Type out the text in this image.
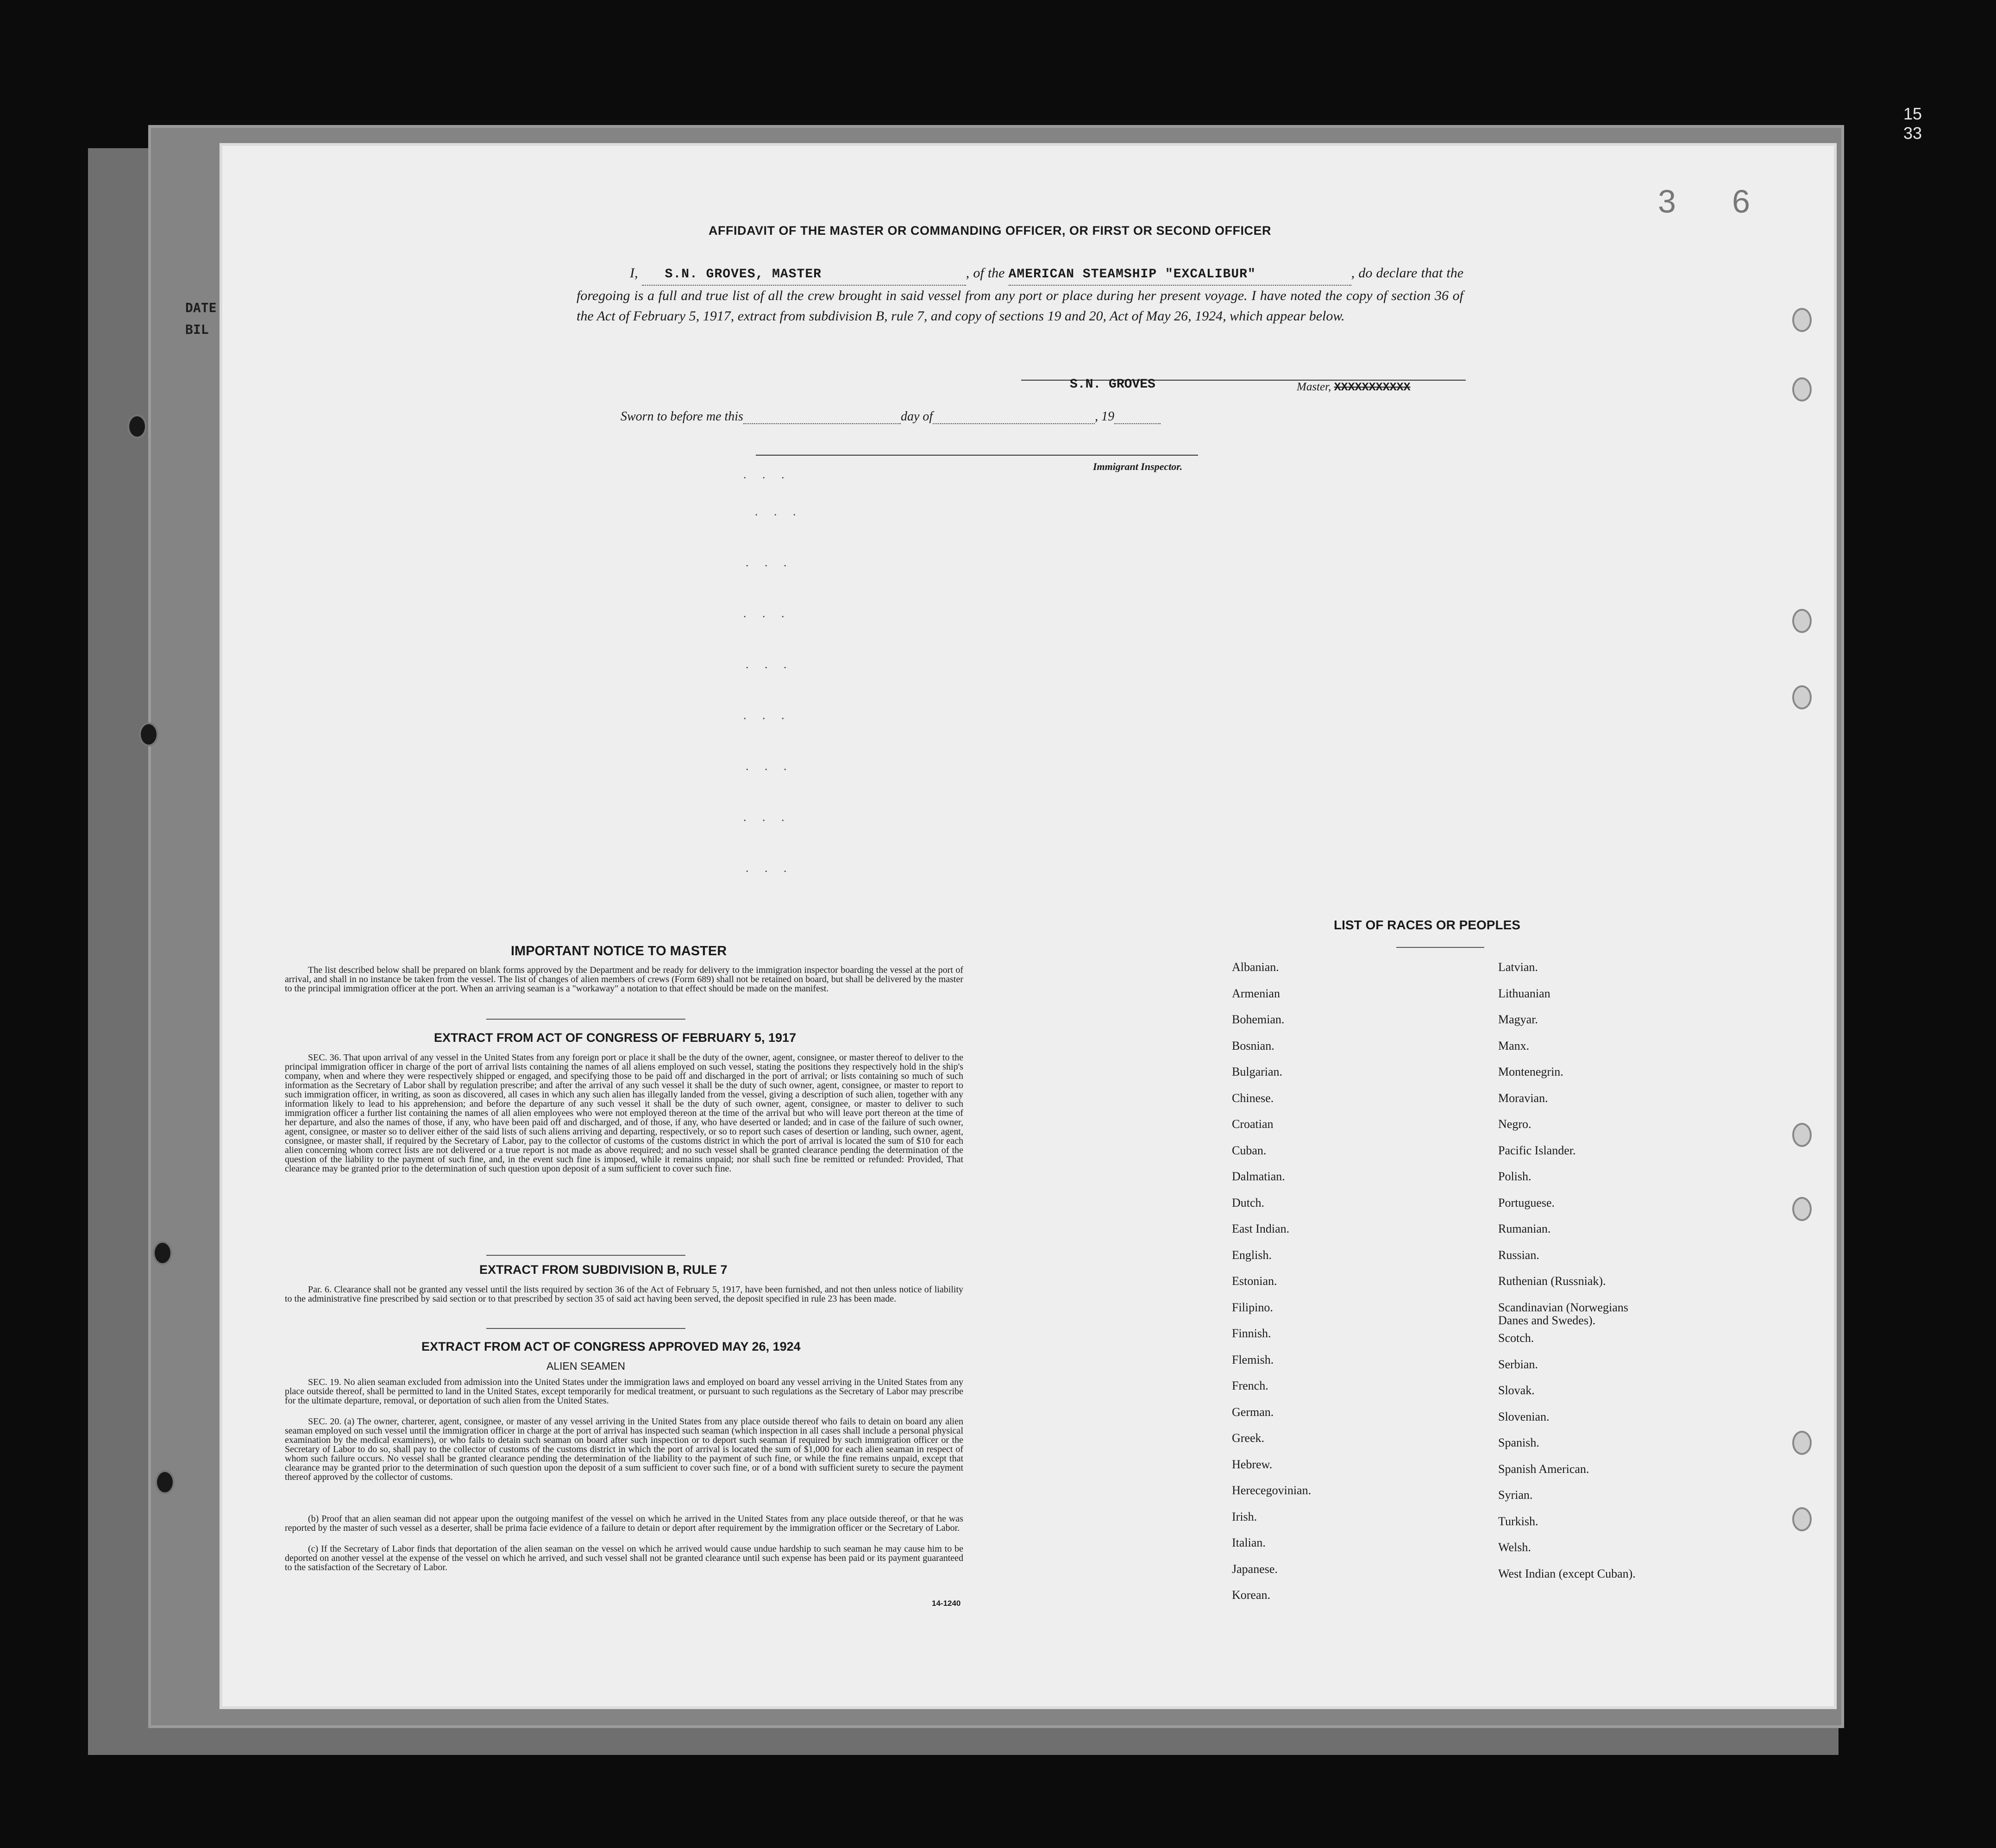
DATE
BIL
15
33
3 6
AFFIDAVIT OF THE MASTER OR COMMANDING OFFICER, OR FIRST OR SECOND OFFICER
I, S.N. GROVES, MASTER	, of the AMERICAN STEAMSHIP "EXCALIBUR"	, do declare that the foregoing is a full and true list of all the crew brought in said vessel from any port or place during her present voyage. I have noted the copy of section 36 of the Act of February 5, 1917, extract from subdivision B, rule 7, and copy of sections 19 and 20, Act of May 26, 1924, which appear below.
S.N. GROVES	Master, XXXXXXXXXXX
Sworn to before me this	day of	, 19
Immigrant Inspector.
. . .
. . .
. . .
. . .
. . .
. . .
. . .
. . .
. . .
IMPORTANT NOTICE TO MASTER
The list described below shall be prepared on blank forms approved by the Department and be ready for delivery to the immigration inspector boarding the vessel at the port of arrival, and shall in no instance be taken from the vessel. The list of changes of alien members of crews (Form 689) shall not be retained on board, but shall be delivered by the master to the principal immigration officer at the port. When an arriving seaman is a "workaway" a notation to that effect should be made on the manifest.
EXTRACT FROM ACT OF CONGRESS OF FEBRUARY 5, 1917
SEC. 36. That upon arrival of any vessel in the United States from any foreign port or place it shall be the duty of the owner, agent, consignee, or master thereof to deliver to the principal immigration officer in charge of the port of arrival lists containing the names of all aliens employed on such vessel, stating the positions they respectively hold in the ship's company, when and where they were respectively shipped or engaged, and specifying those to be paid off and discharged in the port of arrival; or lists containing so much of such information as the Secretary of Labor shall by regulation prescribe; and after the arrival of any such vessel it shall be the duty of such owner, agent, consignee, or master to report to such immigration officer, in writing, as soon as discovered, all cases in which any such alien has illegally landed from the vessel, giving a description of such alien, together with any information likely to lead to his apprehension; and before the departure of any such vessel it shall be the duty of such owner, agent, consignee, or master to deliver to such immigration officer a further list containing the names of all alien employees who were not employed thereon at the time of the arrival but who will leave port thereon at the time of her departure, and also the names of those, if any, who have been paid off and discharged, and of those, if any, who have deserted or landed; and in case of the failure of such owner, agent, consignee, or master so to deliver either of the said lists of such aliens arriving and departing, respectively, or so to report such cases of desertion or landing, such owner, agent, consignee, or master shall, if required by the Secretary of Labor, pay to the collector of customs of the customs district in which the port of arrival is located the sum of $10 for each alien concerning whom correct lists are not delivered or a true report is not made as above required; and no such vessel shall be granted clearance pending the determination of the question of the liability to the payment of such fine, and, in the event such fine is imposed, while it remains unpaid; nor shall such fine be remitted or refunded: Provided, That clearance may be granted prior to the determination of such question upon deposit of a sum sufficient to cover such fine.
EXTRACT FROM SUBDIVISION B, RULE 7
Par. 6. Clearance shall not be granted any vessel until the lists required by section 36 of the Act of February 5, 1917, have been furnished, and not then unless notice of liability to the administrative fine prescribed by said section or to that prescribed by section 35 of said act having been served, the deposit specified in rule 23 has been made.
EXTRACT FROM ACT OF CONGRESS APPROVED MAY 26, 1924
ALIEN SEAMEN
SEC. 19. No alien seaman excluded from admission into the United States under the immigration laws and employed on board any vessel arriving in the United States from any place outside thereof, shall be permitted to land in the United States, except temporarily for medical treatment, or pursuant to such regulations as the Secretary of Labor may prescribe for the ultimate departure, removal, or deportation of such alien from the United States.
SEC. 20. (a) The owner, charterer, agent, consignee, or master of any vessel arriving in the United States from any place outside thereof who fails to detain on board any alien seaman employed on such vessel until the immigration officer in charge at the port of arrival has inspected such seaman (which inspection in all cases shall include a personal physical examination by the medical examiners), or who fails to detain such seaman on board after such inspection or to deport such seaman if required by such immigration officer or the Secretary of Labor to do so, shall pay to the collector of customs of the customs district in which the port of arrival is located the sum of $1,000 for each alien seaman in respect of whom such failure occurs. No vessel shall be granted clearance pending the determination of the liability to the payment of such fine, or while the fine remains unpaid, except that clearance may be granted prior to the determination of such question upon the deposit of a sum sufficient to cover such fine, or of a bond with sufficient surety to secure the payment thereof approved by the collector of customs.
(b) Proof that an alien seaman did not appear upon the outgoing manifest of the vessel on which he arrived in the United States from any place outside thereof, or that he was reported by the master of such vessel as a deserter, shall be prima facie evidence of a failure to detain or deport after requirement by the immigration officer or the Secretary of Labor.
(c) If the Secretary of Labor finds that deportation of the alien seaman on the vessel on which he arrived would cause undue hardship to such seaman he may cause him to be deported on another vessel at the expense of the vessel on which he arrived, and such vessel shall not be granted clearance until such expense has been paid or its payment guaranteed to the satisfaction of the Secretary of Labor.
14-1240
LIST OF RACES OR PEOPLES
Albanian.
Armenian
Bohemian.
Bosnian.
Bulgarian.
Chinese.
Croatian
Cuban.
Dalmatian.
Dutch.
East Indian.
English.
Estonian.
Filipino.
Finnish.
Flemish.
French.
German.
Greek.
Hebrew.
Herecegovinian.
Irish.
Italian.
Japanese.
Korean.
Latvian.
Lithuanian
Magyar.
Manx.
Montenegrin.
Moravian.
Negro.
Pacific Islander.
Polish.
Portuguese.
Rumanian.
Russian.
Ruthenian (Russniak).
Scandinavian (Norwegians
Danes and Swedes).
Scotch.
Serbian.
Slovak.
Slovenian.
Spanish.
Spanish American.
Syrian.
Turkish.
Welsh.
West Indian (except Cuban).
